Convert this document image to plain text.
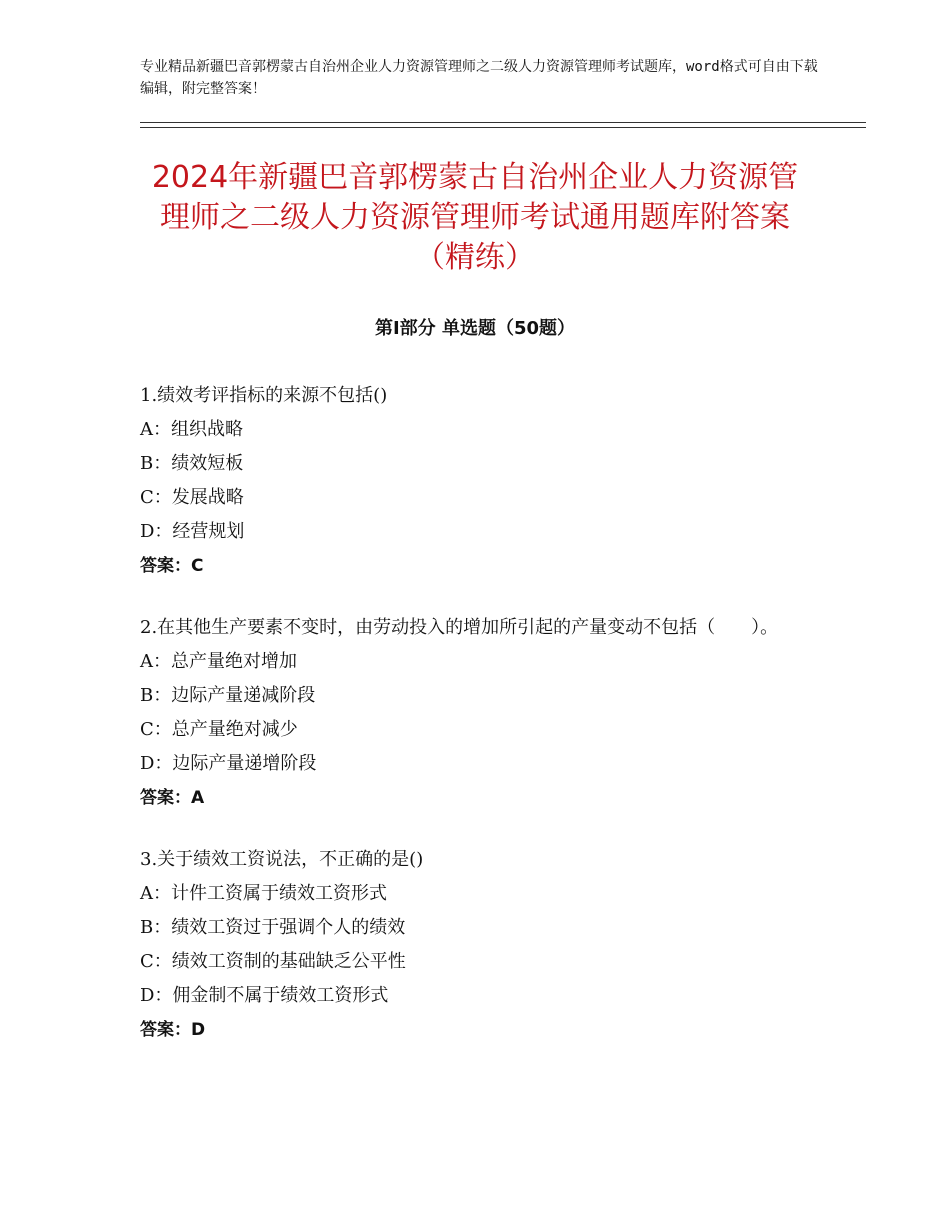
专业精品新疆巴音郭楞蒙古自治州企业人力资源管理师之二级人力资源管理师考试题库，word格式可自由下载编辑，附完整答案！
2024年新疆巴音郭楞蒙古自治州企业人力资源管理师之二级人力资源管理师考试通用题库附答案（精练）
第Ⅰ部分 单选题（50题）

1.绩效考评指标的来源不包括()

A：组织战略

B：绩效短板

C：发展战略

D：经营规划

答案：C

2.在其他生产要素不变时，由劳动投入的增加所引起的产量变动不包括（　　）。

A：总产量绝对增加

B：边际产量递减阶段

C：总产量绝对减少

D：边际产量递增阶段

答案：A

3.关于绩效工资说法，不正确的是()

A：计件工资属于绩效工资形式

B：绩效工资过于强调个人的绩效

C：绩效工资制的基础缺乏公平性

D：佣金制不属于绩效工资形式

答案：D
